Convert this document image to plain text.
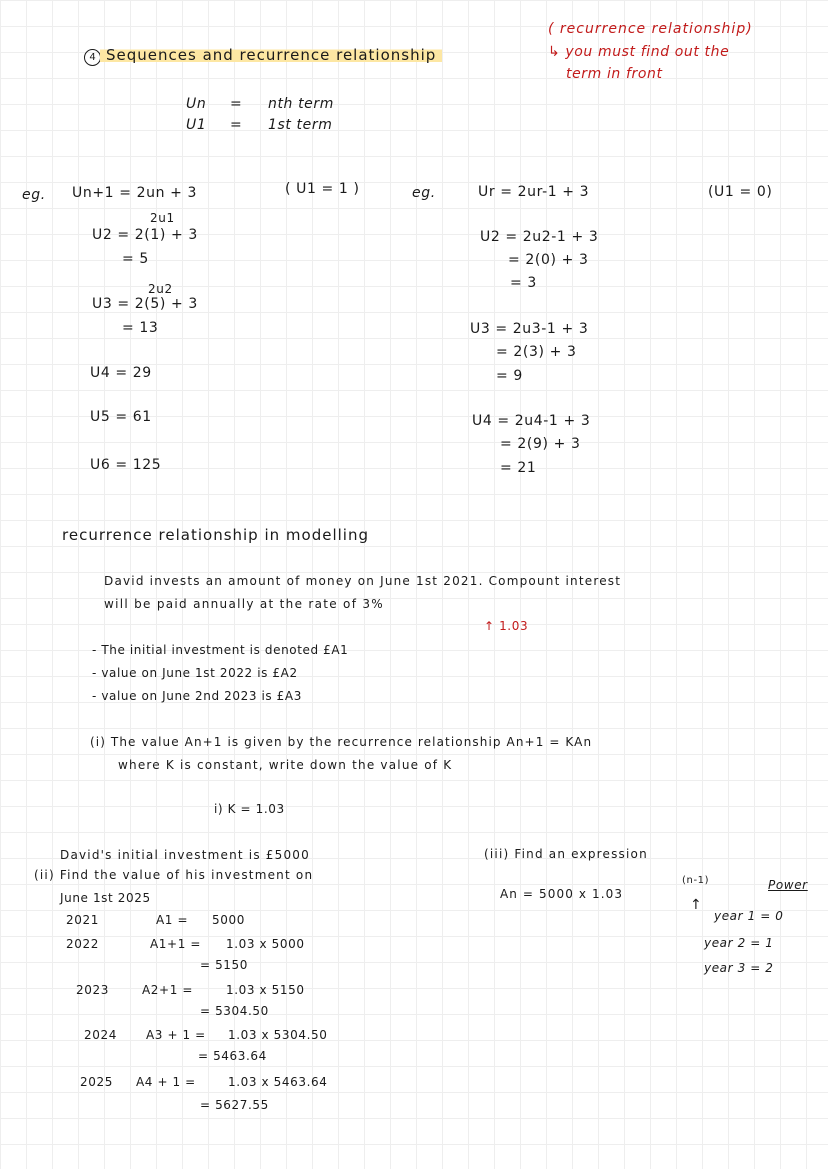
4 Sequences and recurrence relationship
( recurrence relationship)
↳ you must find out the
term in front
Un = nth term
U1 = 1st term
eg. Un+1 = 2un + 3	( U1 = 1 )
2u1
U2 = 2(1) + 3
= 5
2u2
U3 = 2(5) + 3
= 13
U4 = 29
U5 = 61
U6 = 125
eg.	Ur = 2ur-1 + 3	(U1 = 0)
U2 = 2u2-1 + 3
= 2(0) + 3
= 3
U3 = 2u3-1 + 3
= 2(3) + 3
= 9
U4 = 2u4-1 + 3
= 2(9) + 3
= 21
recurrence relationship in modelling
David invests an amount of money on June 1st 2021. Compount interest
will be paid annually at the rate of 3%
↑ 1.03
- The initial investment is denoted £A1
- value on June 1st 2022 is £A2
- value on June 2nd 2023 is £A3
(i) The value An+1 is given by the recurrence relationship An+1 = KAn
where K is constant, write down the value of K
i) K = 1.03
David's initial investment is £5000
(ii) Find the value of his investment on
June 1st 2025
2021	A1 = 5000
2022	A1+1 = 1.03 x 5000
= 5150
2023	A2+1 =	1.03 x 5150
= 5304.50
2024 A3 + 1 = 1.03 x 5304.50
= 5463.64
2025 A4 + 1 =	1.03 x 5463.64
= 5627.55
(iii) Find an expression
An = 5000 x 1.03
(n-1)
↑
Power
year 1 = 0
year 2 = 1
year 3 = 2
